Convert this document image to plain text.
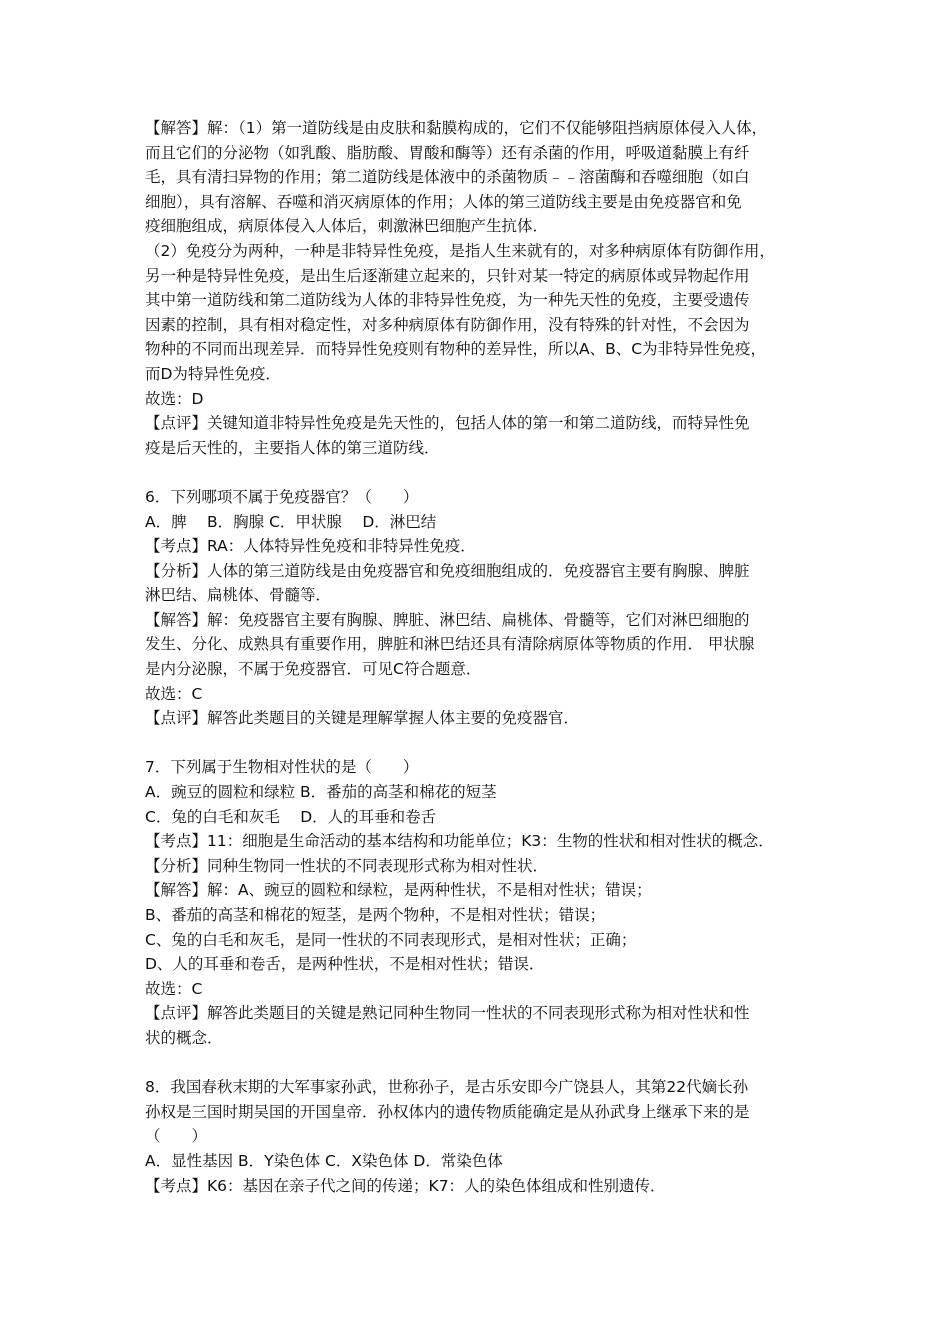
【解答】解：（1）第一道防线是由皮肤和黏膜构成的，它们不仅能够阻挡病原体侵入人体，
而且它们的分泌物（如乳酸、脂肪酸、胃酸和酶等）还有杀菌的作用，呼吸道黏膜上有纤
毛，具有清扫异物的作用；第二道防线是体液中的杀菌物质﹣﹣溶菌酶和吞噬细胞（如白
细胞），具有溶解、吞噬和消灭病原体的作用；人体的第三道防线主要是由免疫器官和免
疫细胞组成，病原体侵入人体后，刺激淋巴细胞产生抗体．
（2）免疫分为两种，一种是非特异性免疫，是指人生来就有的，对多种病原体有防御作用，
另一种是特异性免疫，是出生后逐渐建立起来的，只针对某一特定的病原体或异物起作用
其中第一道防线和第二道防线为人体的非特异性免疫，为一种先天性的免疫，主要受遗传
因素的控制，具有相对稳定性，对多种病原体有防御作用，没有特殊的针对性，不会因为
物种的不同而出现差异．而特异性免疫则有物种的差异性，所以A、B、C为非特异性免疫，
而D为特异性免疫．
故选：D
【点评】关键知道非特异性免疫是先天性的，包括人体的第一和第二道防线，而特异性免
疫是后天性的，主要指人体的第三道防线．
6．下列哪项不属于免疫器官？（　　）
A．脾　 B．胸腺 C．甲状腺　 D．淋巴结
【考点】RA：人体特异性免疫和非特异性免疫．
【分析】人体的第三道防线是由免疫器官和免疫细胞组成的．免疫器官主要有胸腺、脾脏
淋巴结、扁桃体、骨髓等．
【解答】解：免疫器官主要有胸腺、脾脏、淋巴结、扁桃体、骨髓等，它们对淋巴细胞的
发生、分化、成熟具有重要作用，脾脏和淋巴结还具有清除病原体等物质的作用． 甲状腺
是内分泌腺，不属于免疫器官．可见C符合题意．
故选：C
【点评】解答此类题目的关键是理解掌握人体主要的免疫器官．
7．下列属于生物相对性状的是（　　）
A．豌豆的圆粒和绿粒 B．番茄的高茎和棉花的短茎
C．兔的白毛和灰毛　 D．人的耳垂和卷舌
【考点】11：细胞是生命活动的基本结构和功能单位；K3：生物的性状和相对性状的概念．
【分析】同种生物同一性状的不同表现形式称为相对性状．
【解答】解：A、豌豆的圆粒和绿粒，是两种性状，不是相对性状；错误；
B、番茄的高茎和棉花的短茎，是两个物种，不是相对性状；错误；
C、兔的白毛和灰毛，是同一性状的不同表现形式，是相对性状；正确；
D、人的耳垂和卷舌，是两种性状，不是相对性状；错误．
故选：C
【点评】解答此类题目的关键是熟记同种生物同一性状的不同表现形式称为相对性状和性
状的概念．
8．我国春秋末期的大军事家孙武，世称孙子，是古乐安即今广饶县人，其第22代嫡长孙
孙权是三国时期吴国的开国皇帝．孙权体内的遗传物质能确定是从孙武身上继承下来的是
（　　）
A．显性基因 B．Y染色体 C．X染色体 D．常染色体
【考点】K6：基因在亲子代之间的传递；K7：人的染色体组成和性别遗传．
